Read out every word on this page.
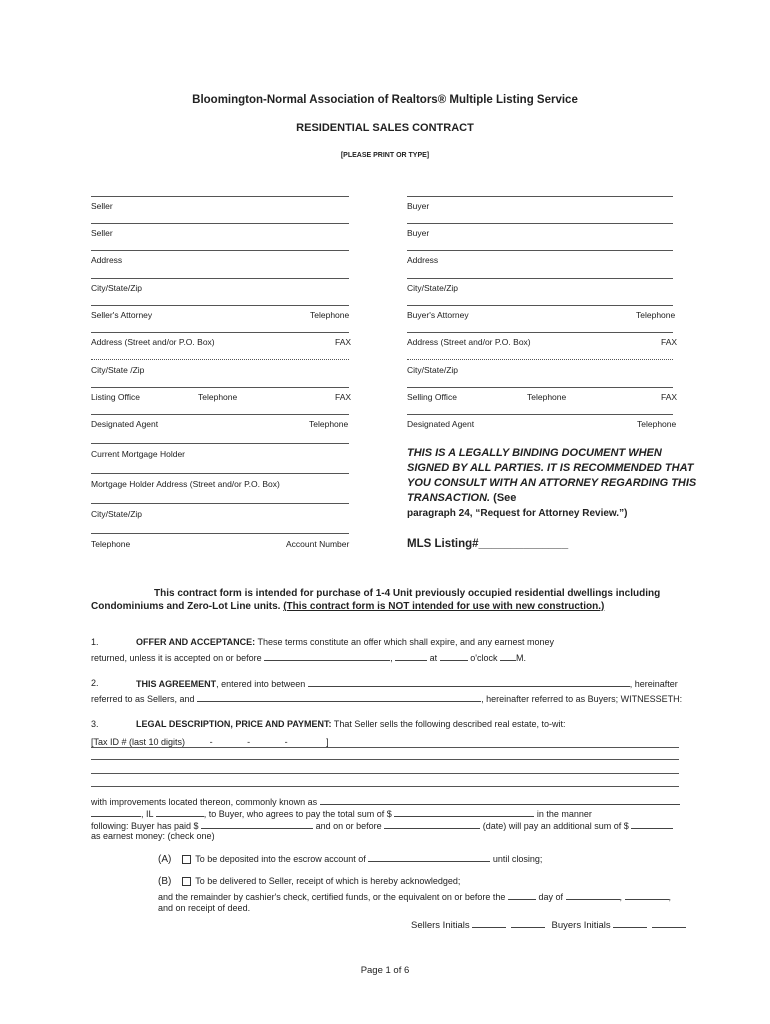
Bloomington-Normal Association of Realtors® Multiple Listing Service
RESIDENTIAL SALES CONTRACT
[PLEASE PRINT OR TYPE]
Seller
Seller
Address
City/State/Zip
Seller's Attorney	Telephone
Address (Street and/or P.O. Box)	FAX
City/State /Zip
Listing Office	Telephone	FAX
Designated Agent	Telephone
Current Mortgage Holder
Mortgage Holder Address (Street and/or P.O. Box)
City/State/Zip
Telephone	Account Number
Buyer
Buyer
Address
City/State/Zip
Buyer's Attorney	Telephone
Address (Street and/or P.O. Box)	FAX
City/State/Zip
Selling Office	Telephone	FAX
Designated Agent	Telephone
THIS IS A LEGALLY BINDING DOCUMENT WHEN SIGNED BY ALL PARTIES. IT IS RECOMMENDED THAT YOU CONSULT WITH AN ATTORNEY REGARDING THIS TRANSACTION. (See
paragraph 24, “Request for Attorney Review.”)
MLS Listing#______________
This contract form is intended for purchase of 1-4 Unit previously occupied residential dwellings including
Condominiums and Zero-Lot Line units. (This contract form is NOT intended for use with new construction.)
1.	OFFER AND ACCEPTANCE: These terms constitute an offer which shall expire, and any earnest money
returned, unless it is accepted on or before	,	at	o'clock M.
2.	THIS AGREEMENT, entered into between	, hereinafter
referred to as Sellers, and	, hereinafter referred to as Buyers; WITNESSETH:
3.	LEGAL DESCRIPTION, PRICE AND PAYMENT: That Seller sells the following described real estate, to-wit:
[Tax ID # (last 10 digits)	-	-	-	]
with improvements located thereon, commonly known as
, IL	, to Buyer, who agrees to pay the total sum of $	in the manner
following: Buyer has paid $	and on or before	(date) will pay an additional sum of $
as earnest money: (check one)
(A)	To be deposited into the escrow account of	until closing;
(B)	To be delivered to Seller, receipt of which is hereby acknowledged;
and the remainder by cashier's check, certified funds, or the equivalent on or before the	day of	,	,
and on receipt of deed.
Sellers Initials	Buyers Initials
Page 1 of 6
